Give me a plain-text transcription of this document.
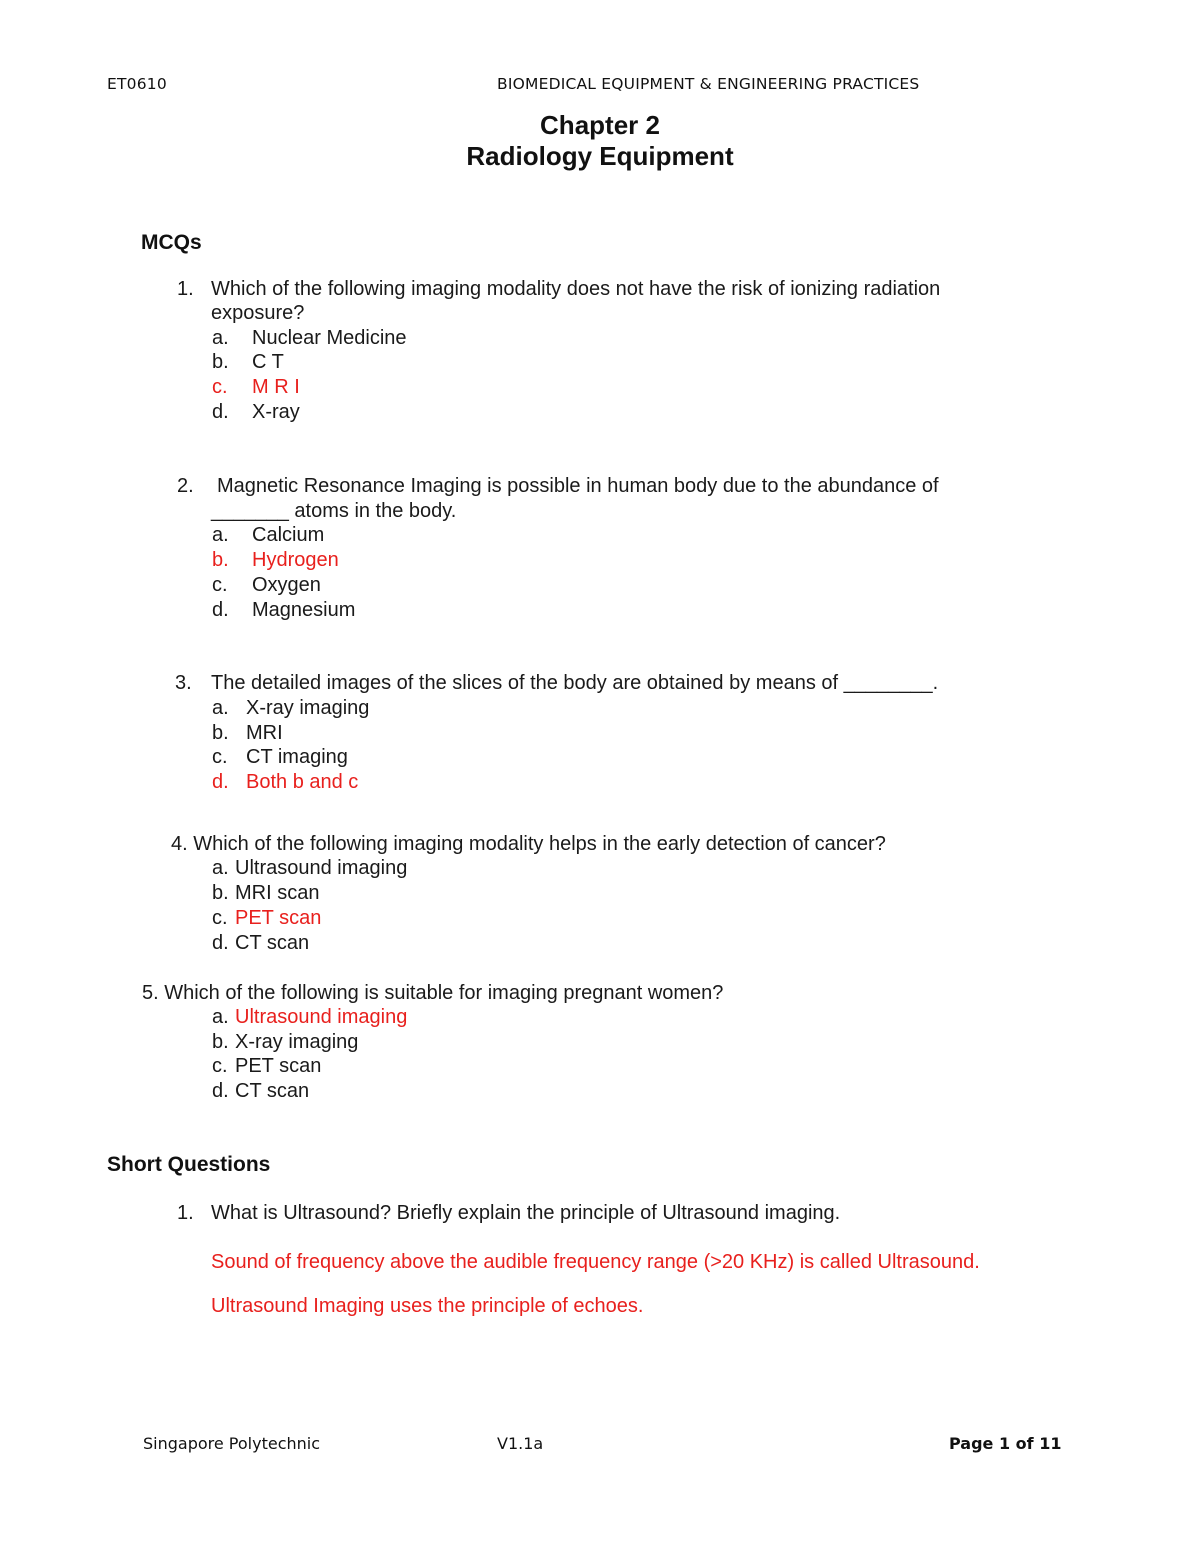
ET0610	BIOMEDICAL EQUIPMENT & ENGINEERING PRACTICES
Chapter 2
Radiology Equipment
MCQs
1. Which of the following imaging modality does not have the risk of ionizing radiation
exposure?
a. Nuclear Medicine
b. C T
c. M R I
d. X-ray
2. Magnetic Resonance Imaging is possible in human body due to the abundance of
_______ atoms in the body.
a. Calcium
b. Hydrogen
c. Oxygen
d. Magnesium
3. The detailed images of the slices of the body are obtained by means of ________.
a. X-ray imaging
b. MRI
c. CT imaging
d. Both b and c
4. Which of the following imaging modality helps in the early detection of cancer?
a. Ultrasound imaging
b. MRI scan
c. PET scan
d. CT scan
5. Which of the following is suitable for imaging pregnant women?
a. Ultrasound imaging
b. X-ray imaging
c. PET scan
d. CT scan
Short Questions
1. What is Ultrasound? Briefly explain the principle of Ultrasound imaging.
Sound of frequency above the audible frequency range (>20 KHz) is called Ultrasound.
Ultrasound Imaging uses the principle of echoes.
Singapore Polytechnic	V1.1a	Page 1 of 11
